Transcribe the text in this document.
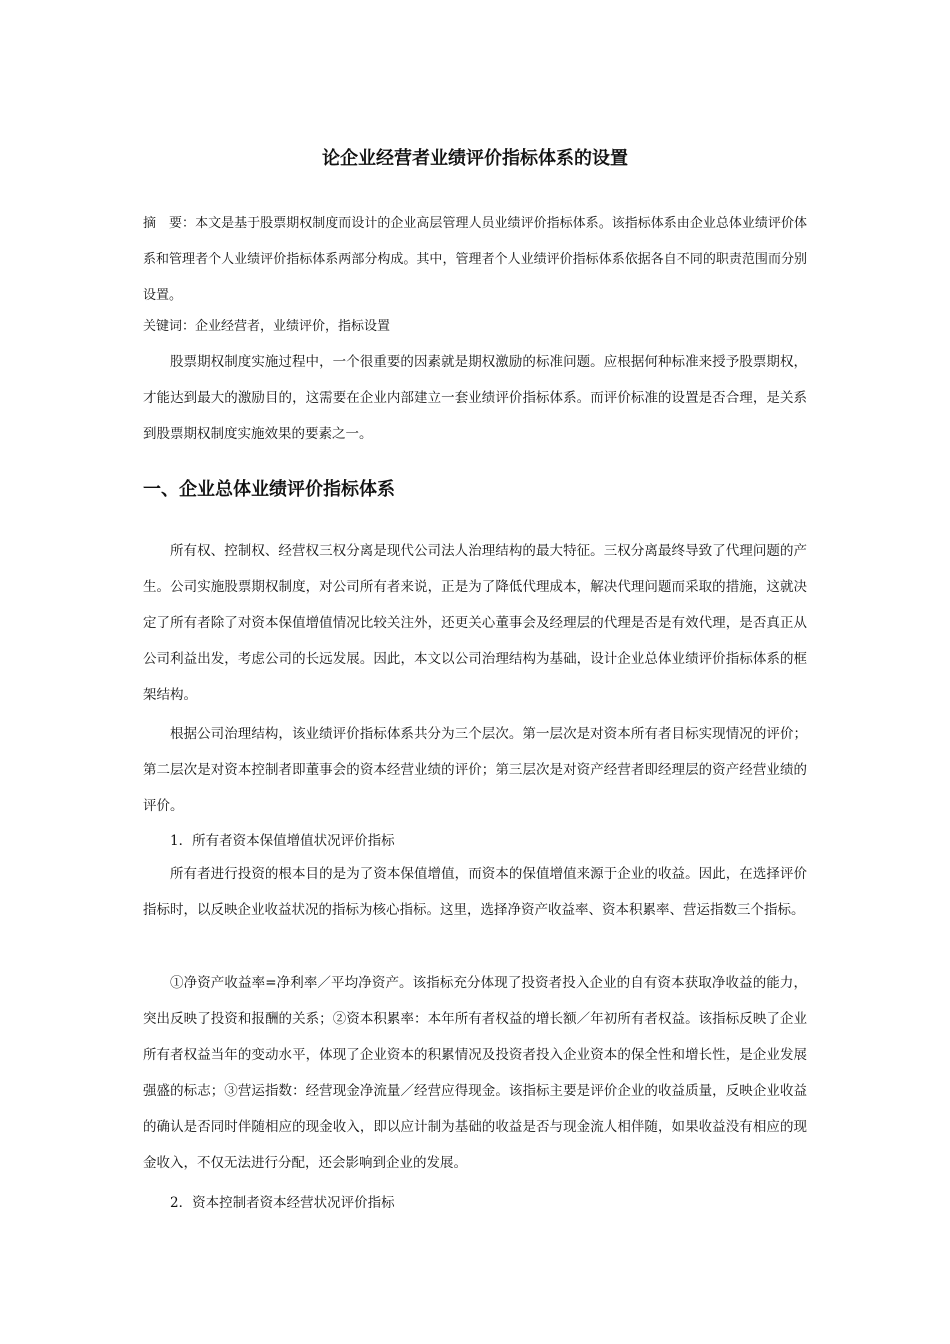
论企业经营者业绩评价指标体系的设置
摘　要：本文是基于股票期权制度而设计的企业高层管理人员业绩评价指标体系。该指标体系由企业总体业绩评价体系和管理者个人业绩评价指标体系两部分构成。其中，管理者个人业绩评价指标体系依据各自不同的职责范围而分别设置。
关键词：企业经营者，业绩评价，指标设置
股票期权制度实施过程中，一个很重要的因素就是期权激励的标准问题。应根据何种标准来授予股票期权，才能达到最大的激励目的，这需要在企业内部建立一套业绩评价指标体系。而评价标准的设置是否合理，是关系到股票期权制度实施效果的要素之一。
一、企业总体业绩评价指标体系
所有权、控制权、经营权三权分离是现代公司法人治理结构的最大特征。三权分离最终导致了代理问题的产生。公司实施股票期权制度，对公司所有者来说，正是为了降低代理成本，解决代理问题而采取的措施，这就决定了所有者除了对资本保值增值情况比较关注外，还更关心董事会及经理层的代理是否是有效代理，是否真正从公司利益出发，考虑公司的长远发展。因此，本文以公司治理结构为基础，设计企业总体业绩评价指标体系的框架结构。
根据公司治理结构，该业绩评价指标体系共分为三个层次。第一层次是对资本所有者目标实现情况的评价；第二层次是对资本控制者即董事会的资本经营业绩的评价；第三层次是对资产经营者即经理层的资产经营业绩的评价。
1．所有者资本保值增值状况评价指标
所有者进行投资的根本目的是为了资本保值增值，而资本的保值增值来源于企业的收益。因此，在选择评价指标时，以反映企业收益状况的指标为核心指标。这里，选择净资产收益率、资本积累率、营运指数三个指标。
①净资产收益率=净利率／平均净资产。该指标充分体现了投资者投入企业的自有资本获取净收益的能力，突出反映了投资和报酬的关系；②资本积累率：本年所有者权益的增长额／年初所有者权益。该指标反映了企业所有者权益当年的变动水平，体现了企业资本的积累情况及投资者投入企业资本的保全性和增长性，是企业发展强盛的标志；③营运指数：经营现金净流量／经营应得现金。该指标主要是评价企业的收益质量，反映企业收益的确认是否同时伴随相应的现金收入，即以应计制为基础的收益是否与现金流人相伴随，如果收益没有相应的现金收入，不仅无法进行分配，还会影响到企业的发展。
2．资本控制者资本经营状况评价指标
